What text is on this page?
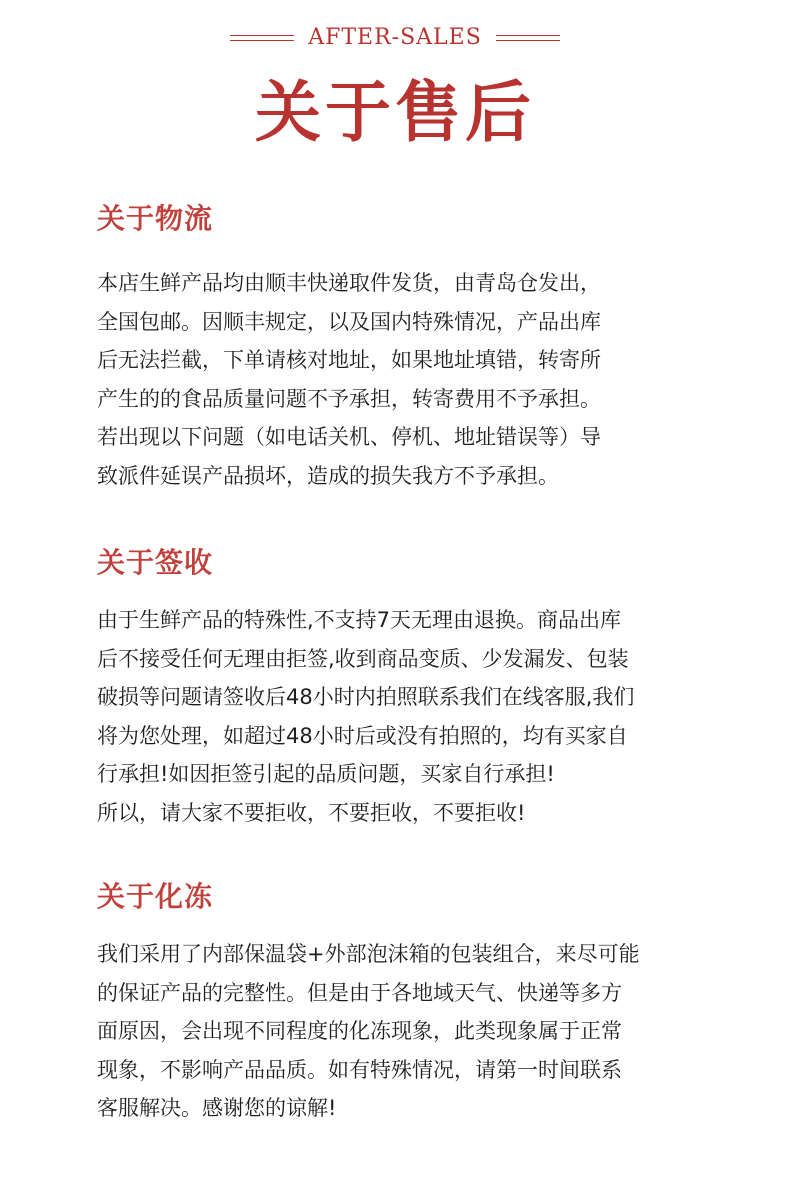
AFTER-SALES
关于售后
关于物流
本店生鲜产品均由顺丰快递取件发货，由青岛仓发出，
全国包邮。因顺丰规定，以及国内特殊情况，产品出库
后无法拦截，下单请核对地址，如果地址填错，转寄所
产生的的食品质量问题不予承担，转寄费用不予承担。
若出现以下问题（如电话关机、停机、地址错误等）导
致派件延误产品损坏，造成的损失我方不予承担。
关于签收
由于生鲜产品的特殊性,不支持7天无理由退换。商品出库
后不接受任何无理由拒签,收到商品变质、少发漏发、包装
破损等问题请签收后48小时内拍照联系我们在线客服,我们
将为您处理，如超过48小时后或没有拍照的，均有买家自
行承担!如因拒签引起的品质问题，买家自行承担!
所以，请大家不要拒收，不要拒收，不要拒收!
关于化冻
我们采用了内部保温袋+外部泡沫箱的包装组合，来尽可能
的保证产品的完整性。但是由于各地域天气、快递等多方
面原因，会出现不同程度的化冻现象，此类现象属于正常
现象，不影响产品品质。如有特殊情况，请第一时间联系
客服解决。感谢您的谅解!
